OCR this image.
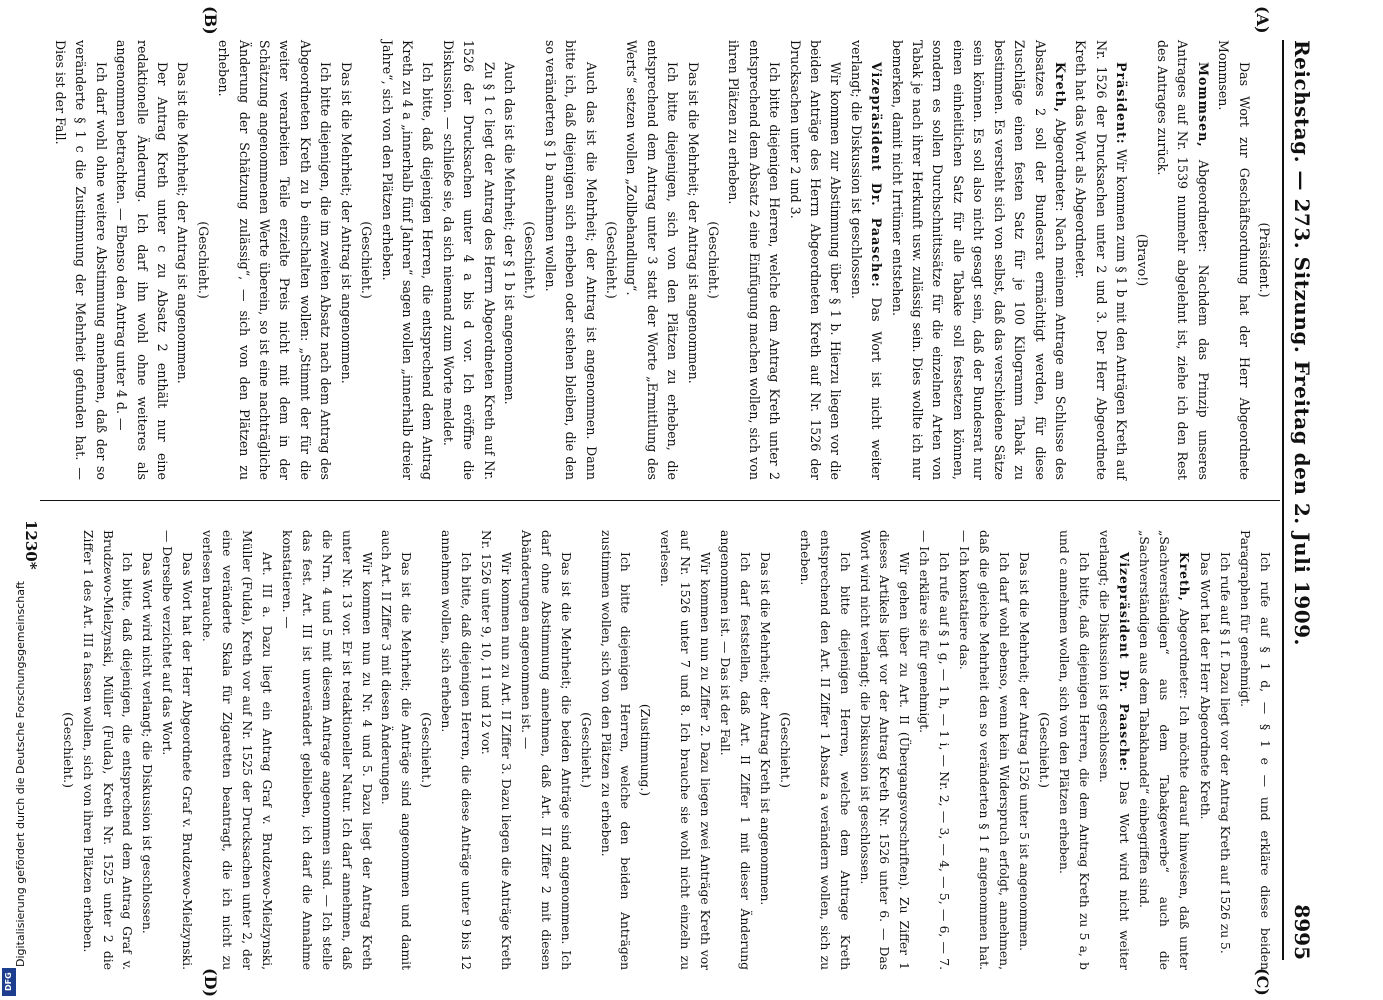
Digitalisierung gefördert durch die Deutsche Forschungsgemeinschaft
DFG
Reichstag. — 273. Sitzung. Freitag den 2. Juli 1909.
8995
(A)
(B)
(C)
(D)

(Präsident.)

Das Wort zur Geschäftsordnung hat der Herr Abgeordnete Mommsen.

Mommsen, Abgeordneter: Nachdem das Prinzip unseres Antrages auf Nr. 1539 nunmehr abgelehnt ist, ziehe ich den Rest des Antrages zurück.

(Bravo!)

Präsident: Wir kommen zum § 1 b mit den Anträgen Kreth auf Nr. 1526 der Drucksachen unter 2 und 3. Der Herr Abgeordnete Kreth hat das Wort als Abgeordneter.

Kreth, Abgeordneter: Nach meinem Antrage am Schlusse des Absatzes 2 soll der Bundesrat ermächtigt werden, für diese Zuschläge einen festen Satz für je 100 Kilogramm Tabak zu bestimmen. Es versteht sich von selbst, daß das verschiedene Sätze sein können. Es soll also nicht gesagt sein, daß der Bundesrat nur einen einheitlichen Satz für alle Tabake soll festsetzen können, sondern es sollen Durchschnittssätze für die einzelnen Arten von Tabak je nach ihrer Herkunft usw. zulässig sein. Dies wollte ich nur bemerken, damit nicht Irrtümer entstehen.

Vizepräsident Dr. Paasche: Das Wort ist nicht weiter verlangt; die Diskussion ist geschlossen.

Wir kommen zur Abstimmung über § 1 b. Hierzu liegen vor die beiden Anträge des Herrn Abgeordneten Kreth auf Nr. 1526 der Drucksachen unter 2 und 3.

Ich bitte diejenigen Herren, welche dem Antrag Kreth unter 2 entsprechend dem Absatz 2 eine Einfügung machen wollen, sich von ihren Plätzen zu erheben.

(Geschieht.)

Das ist die Mehrheit; der Antrag ist angenommen.

Ich bitte diejenigen, sich von den Plätzen zu erheben, die entsprechend dem Antrag unter 3 statt der Worte „Ermittlung des Werts“ setzen wollen „Zollbehandlung“.

(Geschieht.)

Auch das ist die Mehrheit; der Antrag ist angenommen. Dann bitte ich, daß diejenigen sich erheben oder stehen bleiben, die den so veränderten § 1 b annehmen wollen.

(Geschieht.)

Auch das ist die Mehrheit; der § 1 b ist angenommen.

Zu § 1 c liegt der Antrag des Herrn Abgeordneten Kreth auf Nr. 1526 der Drucksachen unter 4 a bis d vor. Ich eröffne die Diskussion. — schließe sie, da sich niemand zum Worte meldet.

Ich bitte, daß diejenigen Herren, die entsprechend dem Antrag Kreth zu 4 a „innerhalb fünf Jahren“ sagen wollen „innerhalb dreier Jahre“, sich von den Plätzen erheben.

(Geschieht.)

Das ist die Mehrheit; der Antrag ist angenommen.

Ich bitte diejenigen, die im zweiten Absatz nach dem Antrag des Abgeordneten Kreth zu b einschalten wollen: „Stimmt der für die weiter verarbeiten Teile erzielte Preis nicht mit dem in der Schätzung angenommenen Werte überein, so ist eine nachträgliche Änderung der Schätzung zulässig“, — sich von den Plätzen zu erheben.

(Geschieht.)

Das ist die Mehrheit; der Antrag ist angenommen.

Der Antrag Kreth unter c zu Absatz 2 enthält nur eine redaktionelle Änderung. Ich darf ihn wohl ohne weiteres als angenommen betrachten. — Ebenso den Antrag unter 4 d. —

Ich darf wohl ohne weitere Abstimmung annehmen, daß der so veränderte § 1 c die Zustimmung der Mehrheit gefunden hat. — Dies ist der Fall.

Ich rufe auf § 1 d, — § 1 e — und erkläre diese beiden Paragraphen für genehmigt.

Ich rufe auf § 1 f. Dazu liegt vor der Antrag Kreth auf 1526 zu 5.

Das Wort hat der Herr Abgeordnete Kreth.

Kreth, Abgeordneter: Ich möchte darauf hinweisen, daß unter „Sachverständigen“ aus dem Tabakgewerbe“ auch die „Sachverständigen aus dem Tabakhandel“ einbegriffen sind.

Vizepräsident Dr. Paasche: Das Wort wird nicht weiter verlangt; die Diskussion ist geschlossen.

Ich bitte, daß diejenigen Herren, die dem Antrag Kreth zu 5 a, b und c annehmen wollen, sich von den Plätzen erheben.

(Geschieht.)

Das ist die Mehrheit; der Antrag 1526 unter 5 ist angenommen.

Ich darf wohl ebenso, wenn kein Widerspruch erfolgt, annehmen, daß die gleiche Mehrheit den so veränderten § 1 f angenommen hat. — Ich konstatiere das.

Ich rufe auf § 1 g, — 1 h, — 1 i, — Nr. 2, — 3, — 4, — 5, — 6, — 7. — Ich erkläre sie für genehmigt.

Wir gehen über zu Art. II (Übergangsvorschriften). Zu Ziffer 1 dieses Artikels liegt vor der Antrag Kreth Nr. 1526 unter 6. — Das Wort wird nicht verlangt; die Diskussion ist geschlossen.

Ich bitte diejenigen Herren, welche dem Antrage Kreth entsprechend den Art. II Ziffer 1 Absatz a verändern wollen, sich zu erheben.

(Geschieht.)

Das ist die Mehrheit; der Antrag Kreth ist angenommen.

Ich darf feststellen, daß Art. II Ziffer 1 mit dieser Änderung angenommen ist. — Das ist der Fall.

Wir kommen nun zu Ziffer 2. Dazu liegen zwei Anträge Kreth vor auf Nr. 1526 unter 7 und 8. Ich brauche sie wohl nicht einzeln zu verlesen.

(Zustimmung.)

Ich bitte diejenigen Herren, welche den beiden Anträgen zustimmen wollen, sich von den Plätzen zu erheben.

(Geschieht.)

Das ist die Mehrheit; die beiden Anträge sind angenommen. Ich darf ohne Abstimmung annehmen, daß Art. II Ziffer 2 mit diesen Abänderungen angenommen ist. —

Wir kommen nun zu Art. II Ziffer 3. Dazu liegen die Anträge Kreth Nr. 1526 unter 9, 10, 11 und 12 vor.

Ich bitte, daß diejenigen Herren, die diese Anträge unter 9 bis 12 annehmen wollen, sich erheben.

(Geschieht.)

Das ist die Mehrheit; die Anträge sind angenommen und damit auch Art. II Ziffer 3 mit diesen Änderungen.

Wir kommen nun zu Nr. 4 und 5. Dazu liegt der Antrag Kreth unter Nr. 13 vor. Er ist redaktioneller Natur. Ich darf annehmen, daß die Nrn. 4 und 5 mit diesem Antrage angenommen sind. — Ich stelle das fest. Art. III ist unverändert geblieben, ich darf die Annahme konstatieren. —

Art. III a. Dazu liegt ein Antrag Graf v. Brudzewo-Mielzynski, Müller (Fulda), Kreth vor auf Nr. 1525 der Drucksachen unter 2, der eine veränderte Skala für Zigaretten beantragt, die ich nicht zu verlesen brauche.

Das Wort hat der Herr Abgeordnete Graf v. Brudzewo-Mielzynski. — Derselbe verzichtet auf das Wort.

Das Wort wird nicht verlangt; die Diskussion ist geschlossen.

Ich bitte, daß diejenigen, die entsprechend dem Antrag Graf v. Brudzewo-Mielzynski, Müller (Fulda), Kreth Nr. 1525 unter 2 die Ziffer 1 des Art. III a fassen wollen, sich von ihren Plätzen erheben.

(Geschieht.)

1230*
